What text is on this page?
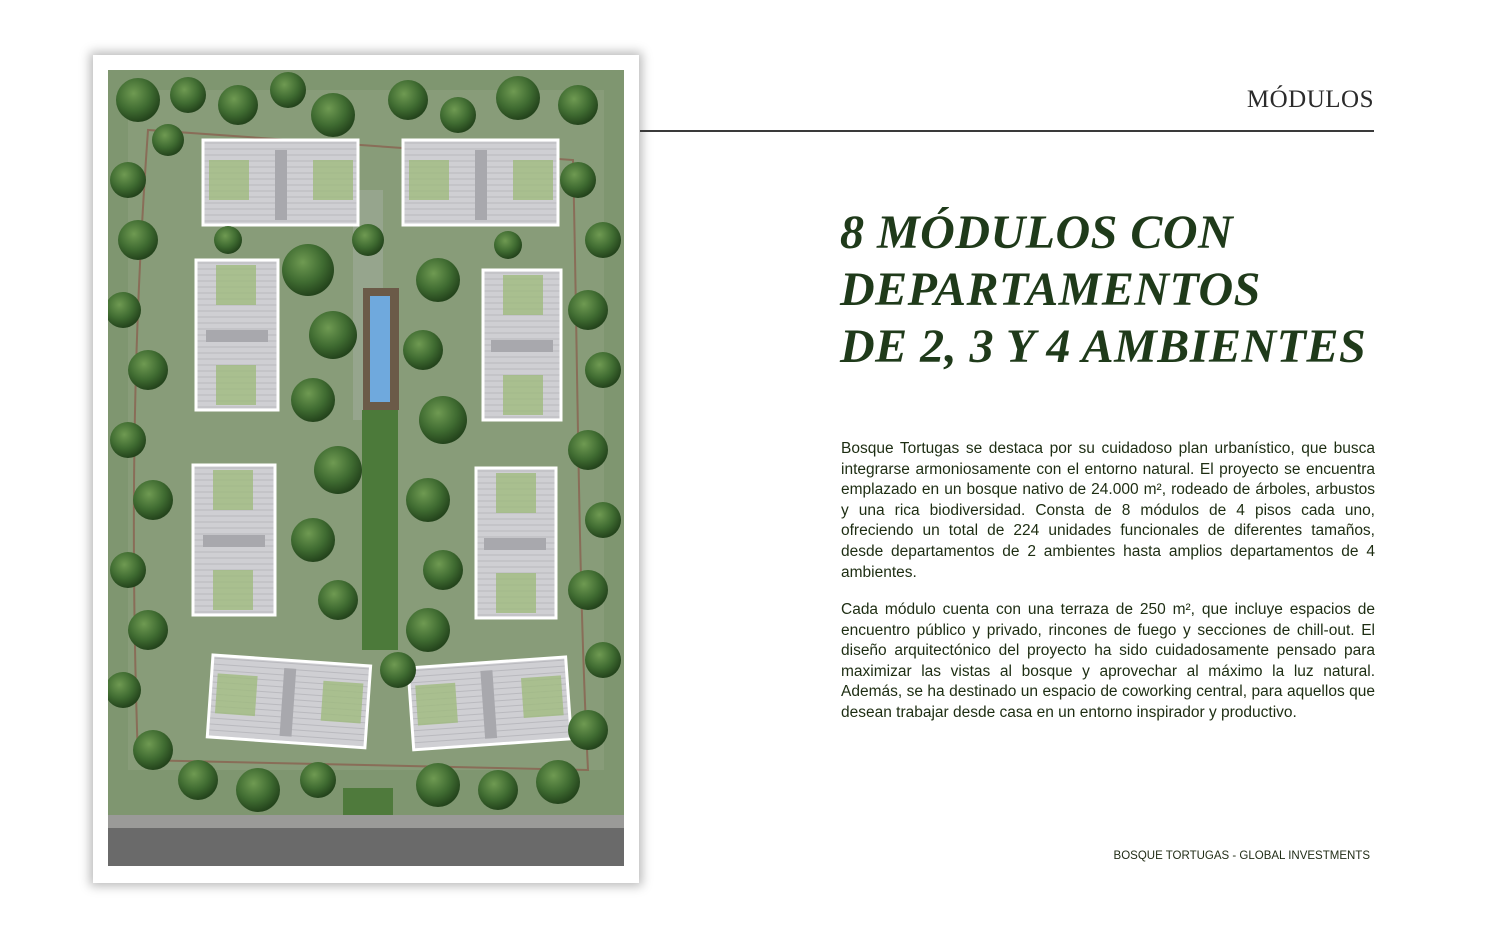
MÓDULOS
8 MÓDULOS CON
DEPARTAMENTOS
DE 2, 3 Y 4 AMBIENTES

Bosque Tortugas se destaca por su cuidadoso plan urbanístico, que busca integrarse armoniosamente con el entorno natural. El proyecto se encuentra emplazado en un bosque nativo de 24.000 m², rodeado de árboles, arbustos y una rica biodiversidad. Consta de 8 módulos de 4 pisos cada uno, ofreciendo un total de 224 unidades funcionales de diferentes tamaños, desde departamentos de 2 ambientes hasta amplios departamentos de 4 ambientes.

Cada módulo cuenta con una terraza de 250 m², que incluye espacios de encuentro público y privado, rincones de fuego y secciones de chill-out. El diseño arquitectónico del proyecto ha sido cuidadosamente pensado para maximizar las vistas al bosque y aprovechar al máximo la luz natural. Además, se ha destinado un espacio de coworking central, para aquellos que desean trabajar desde casa en un entorno inspirador y productivo.

BOSQUE TORTUGAS - GLOBAL INVESTMENTS
